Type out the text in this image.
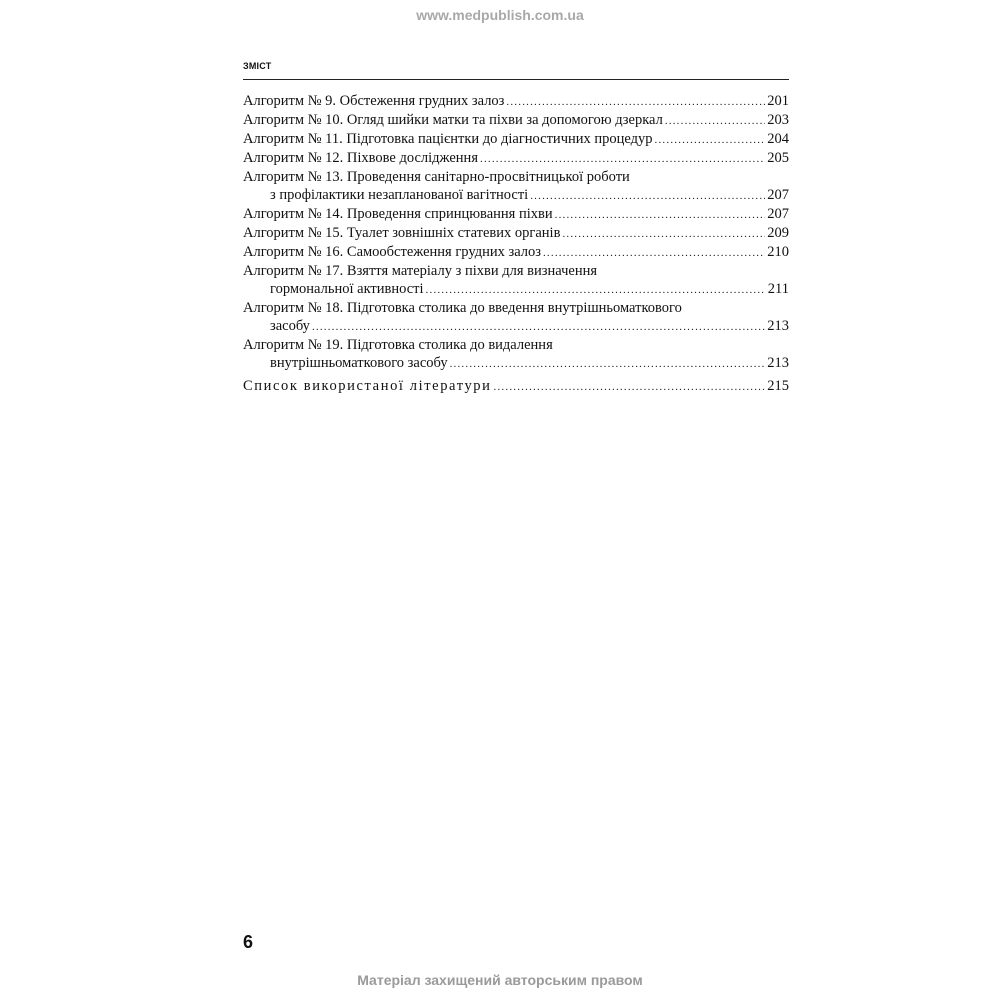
www.medpublish.com.ua
зміст
Алгоритм № 9. Обстеження грудних залоз .....	201
Алгоритм № 10. Огляд шийки матки та піхви за допомогою дзеркал .....	203
Алгоритм № 11. Підготовка пацієнтки до діагностичних процедур .....	204
Алгоритм № 12. Піхвове дослідження .....	205
Алгоритм № 13. Проведення санітарно-просвітницької роботи
з профілактики незапланованої вагітності .....	207
Алгоритм № 14. Проведення спринцювання піхви .....	207
Алгоритм № 15. Туалет зовнішніх статевих органів .....	209
Алгоритм № 16. Самообстеження грудних залоз .....	210
Алгоритм № 17. Взяття матеріалу з піхви для визначення
гормональної активності .....	211
Алгоритм № 18. Підготовка столика до введення внутрішньоматкового
засобу .....	213
Алгоритм № 19. Підготовка столика до видалення
внутрішньоматкового засобу .....	213
Список використаної літератури .....	215
6
Матеріал захищений авторським правом
